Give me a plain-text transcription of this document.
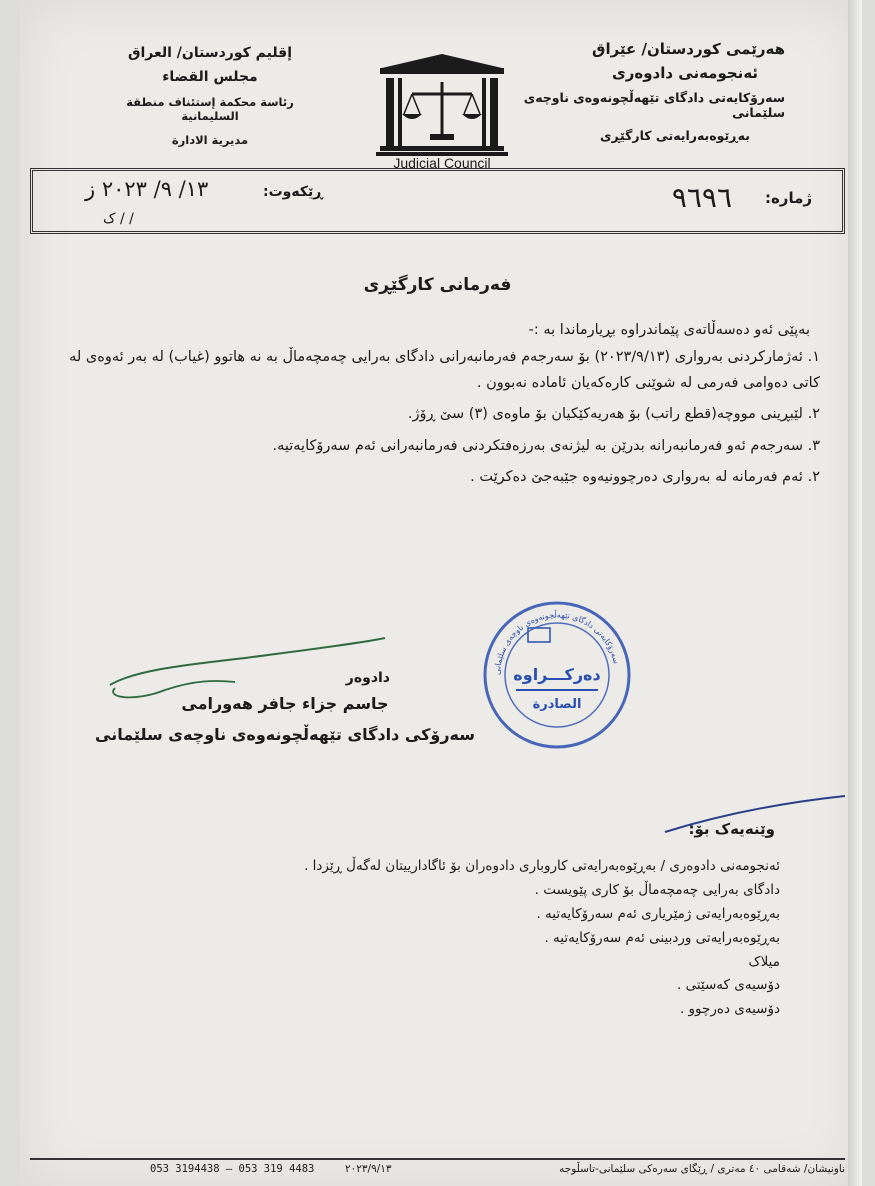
هەرێمی کوردستان/ عێراق
ئەنجومەنی دادوەری
سەرۆکایەتی دادگای تێهەڵچونەوەی ناوچەی سلێمانی
بەڕێوەبەرایەتی کارگێڕی
إقليم كوردستان/ العراق
مجلس القضاء
رئاسة محكمة إستئناف منطقة السليمانية
مديرية الادارة
Judicial Council
ژمارە:
٩٦٩٦
ڕێکەوت:
١٣/ ٩/ ٢٠٢٣ ز
/ / ک
فەرمانی کارگێڕی
بەپێی ئەو دەسەڵاتەی پێماندراوە بڕیارماندا بە :-
١. ئەژمارکردنی بەرواری (٢٠٢٣/٩/١٣) بۆ سەرجەم فەرمانبەرانی دادگای بەرایی چەمچەماڵ بە نە هاتوو (غیاب) لە بەر ئەوەی لە کاتی دەوامی فەرمی لە شوێنی کارەکەیان ئامادە نەبوون .
٢. لێبڕینی مووچە(قطع راتب) بۆ هەریەکێکیان بۆ ماوەی (٣) سێ ڕۆژ.
٣. سەرجەم ئەو فەرمانبەرانە بدرێن بە لیژنەی بەرزەفتکردنی فەرمانبەرانی ئەم سەرۆکایەتیە.
٢. ئەم فەرمانە لە بەرواری دەرچوونیەوە جێبەجێ دەکرێت .
سەرۆکایەتی دادگای تێهەڵچونەوەی ناوچەی سلێمانی
دەرکـــراوە
الصادرة
دادوەر
جاسم جزاء جافر هەورامی
سەرۆکی دادگای تێهەڵچونەوەی ناوچەی سلێمانی
وێنەیەک بۆ:
ئەنجومەنی دادوەری / بەڕێوەبەرایەتی کاروباری دادوەران بۆ ئاگادارییتان لەگەڵ ڕێزدا .
دادگای بەرایی چەمچەماڵ بۆ کاری پێویست .
بەڕێوەبەرایەتی ژمێریاری ئەم سەرۆکایەتیە .
بەڕێوەبەرایەتی وردبینی ئەم سەرۆکایەتیە .
میلاک
دۆسیەی کەسێتی .
دۆسیەی دەرچوو .
053 3194438 – 053 319 4483	٢٠٢٣/٩/١٣	ناونیشان/ شەقامی ٤٠ مەتری / ڕێگای سەرەکی سلێمانی-تاسڵوجە
